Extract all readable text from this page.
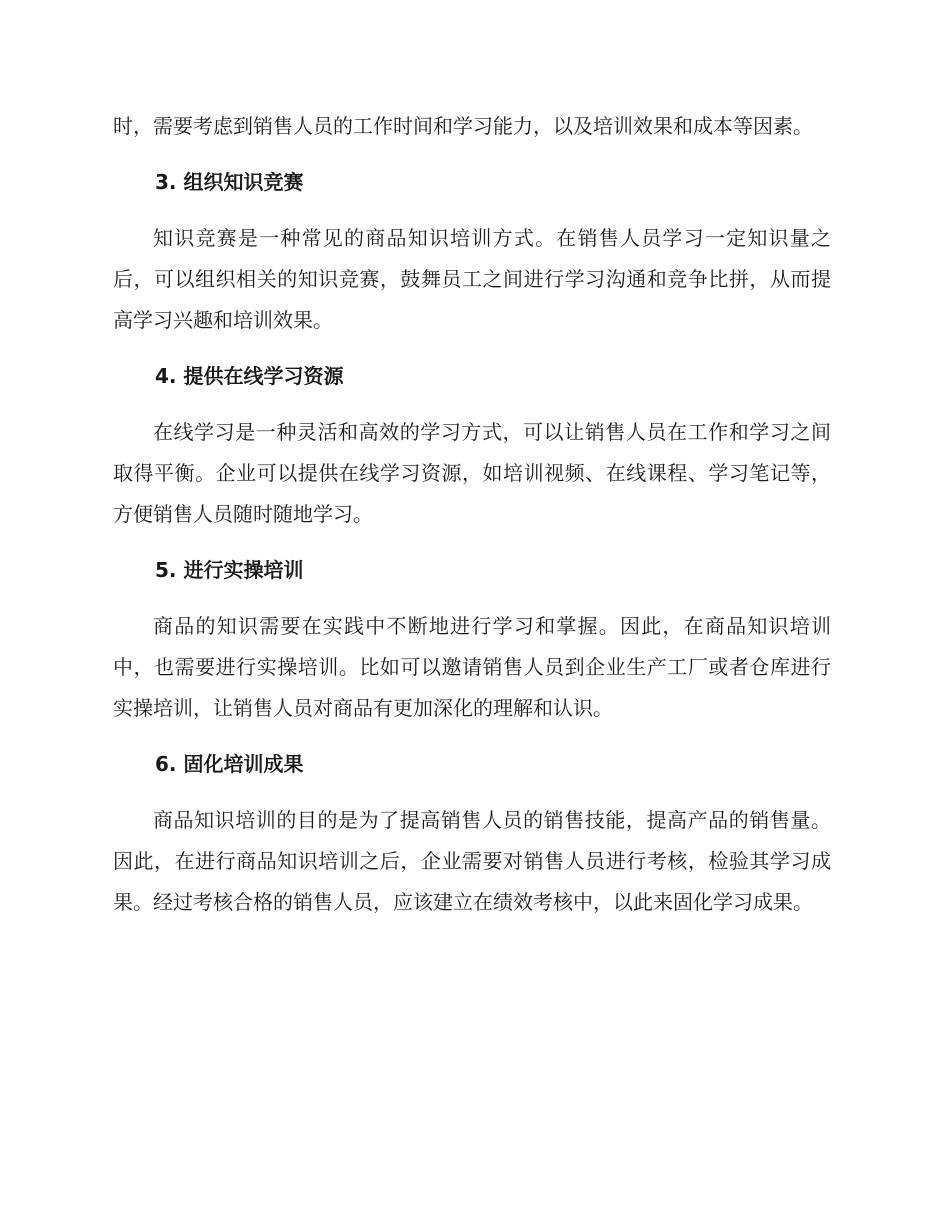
时，需要考虑到销售人员的工作时间和学习能力，以及培训效果和成本等因素。

3. 组织知识竞赛

知识竞赛是一种常见的商品知识培训方式。在销售人员学习一定知识量之后，可以组织相关的知识竞赛，鼓舞员工之间进行学习沟通和竞争比拼，从而提高学习兴趣和培训效果。

4. 提供在线学习资源

在线学习是一种灵活和高效的学习方式，可以让销售人员在工作和学习之间取得平衡。企业可以提供在线学习资源，如培训视频、在线课程、学习笔记等，方便销售人员随时随地学习。

5. 进行实操培训

商品的知识需要在实践中不断地进行学习和掌握。因此，在商品知识培训中，也需要进行实操培训。比如可以邀请销售人员到企业生产工厂或者仓库进行实操培训，让销售人员对商品有更加深化的理解和认识。

6. 固化培训成果

商品知识培训的目的是为了提高销售人员的销售技能，提高产品的销售量。因此，在进行商品知识培训之后，企业需要对销售人员进行考核，检验其学习成果。经过考核合格的销售人员，应该建立在绩效考核中，以此来固化学习成果。
